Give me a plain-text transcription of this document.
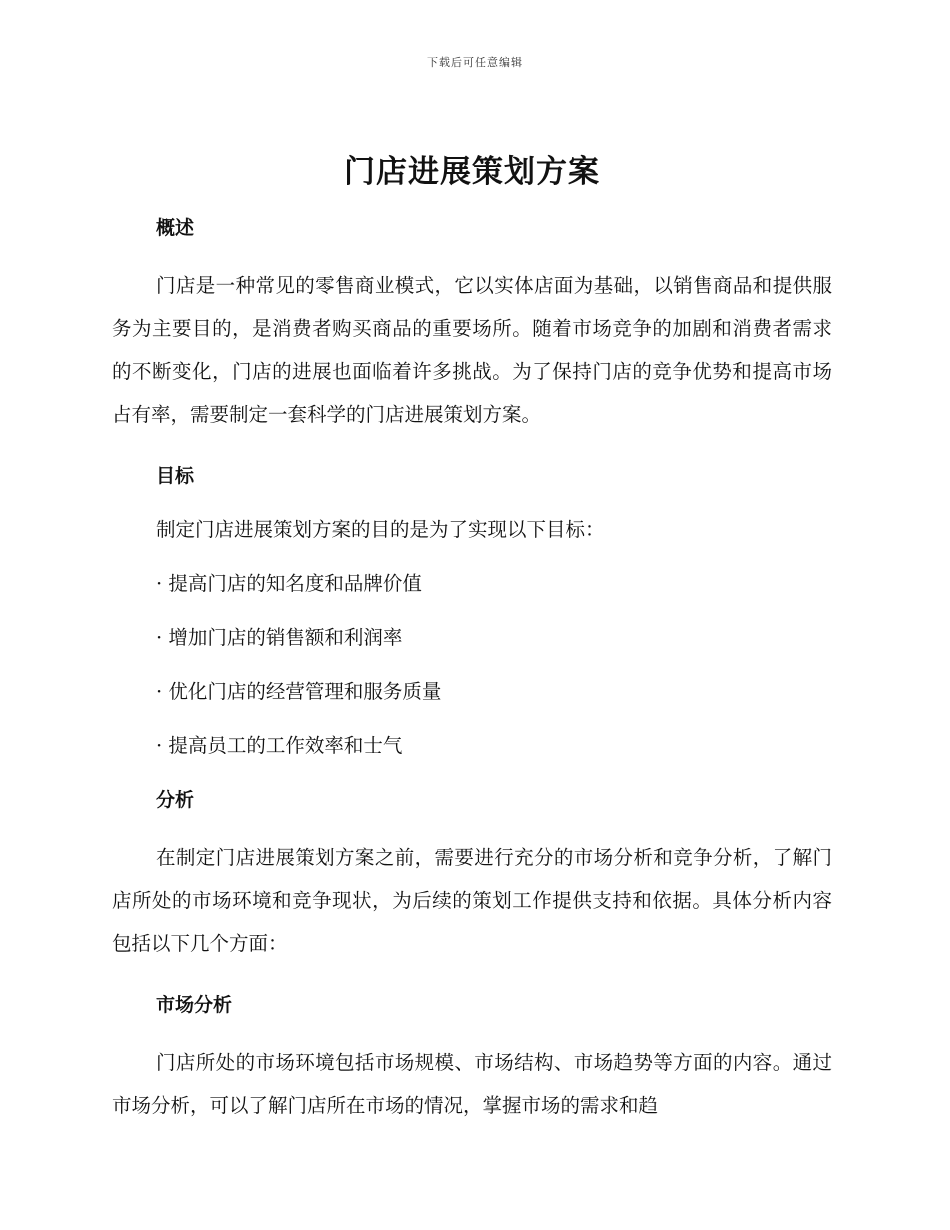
下载后可任意编辑
门店进展策划方案
概述

门店是一种常见的零售商业模式，它以实体店面为基础，以销售商品和提供服务为主要目的，是消费者购买商品的重要场所。随着市场竞争的加剧和消费者需求的不断变化，门店的进展也面临着许多挑战。为了保持门店的竞争优势和提高市场占有率，需要制定一套科学的门店进展策划方案。

目标

制定门店进展策划方案的目的是为了实现以下目标：

· 提高门店的知名度和品牌价值

· 增加门店的销售额和利润率

· 优化门店的经营管理和服务质量

· 提高员工的工作效率和士气

分析

在制定门店进展策划方案之前，需要进行充分的市场分析和竞争分析，了解门店所处的市场环境和竞争现状，为后续的策划工作提供支持和依据。具体分析内容包括以下几个方面：

市场分析

门店所处的市场环境包括市场规模、市场结构、市场趋势等方面的内容。通过市场分析，可以了解门店所在市场的情况，掌握市场的需求和趋
